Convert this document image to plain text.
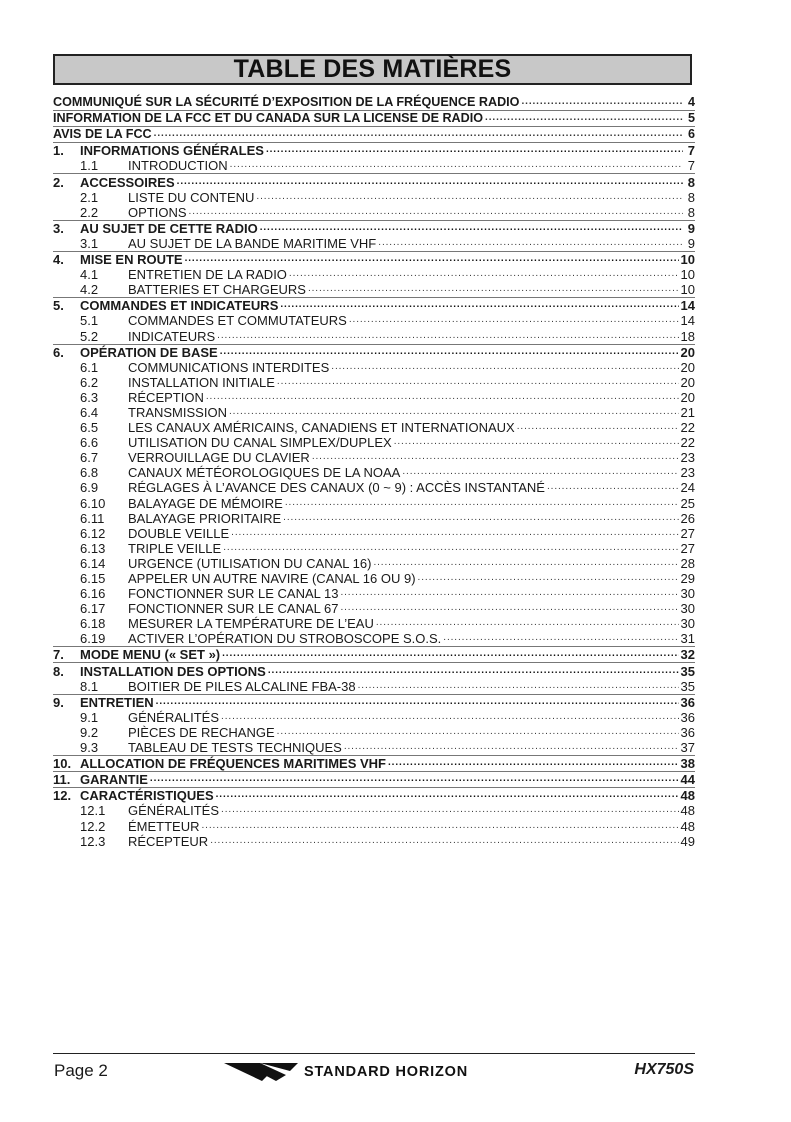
TABLE DES MATIÈRES
COMMUNIQUÉ SUR LA SÉCURITÉ D’EXPOSITION DE LA FRÉQUENCE RADIO .....	4
INFORMATION DE LA FCC ET DU CANADA SUR LA LICENSE DE RADIO .....	5
AVIS DE LA FCC .....	6
1.	INFORMATIONS GÉNÉRALES .....	7
1.1	INTRODUCTION .....	7
2.	ACCESSOIRES .....	8
2.1	LISTE DU CONTENU .....	8
2.2	OPTIONS .....	8
3.	AU SUJET DE CETTE RADIO .....	9
3.1	AU SUJET DE LA BANDE MARITIME VHF .....	9
4.	MISE EN ROUTE .....	10
4.1	ENTRETIEN DE LA RADIO .....	10
4.2	BATTERIES ET CHARGEURS .....	10
5.	COMMANDES ET INDICATEURS .....	14
5.1	COMMANDES ET COMMUTATEURS .....	14
5.2	INDICATEURS .....	18
6.	OPÉRATION DE BASE .....	20
6.1	COMMUNICATIONS INTERDITES .....	20
6.2	INSTALLATION INITIALE .....	20
6.3	RÉCEPTION .....	20
6.4	TRANSMISSION .....	21
6.5	LES CANAUX AMÉRICAINS, CANADIENS ET INTERNATIONAUX .....	22
6.6	UTILISATION DU CANAL SIMPLEX/DUPLEX .....	22
6.7	VERROUILLAGE DU CLAVIER .....	23
6.8	CANAUX MÉTÉOROLOGIQUES DE LA NOAA .....	23
6.9	RÉGLAGES À L’AVANCE DES CANAUX (0 ~ 9) : ACCÈS INSTANTANÉ .....	24
6.10	BALAYAGE DE MÉMOIRE .....	25
6.11	BALAYAGE PRIORITAIRE .....	26
6.12	DOUBLE VEILLE .....	27
6.13	TRIPLE VEILLE .....	27
6.14	URGENCE (UTILISATION DU CANAL 16) .....	28
6.15	APPELER UN AUTRE NAVIRE (CANAL 16 OU 9) .....	29
6.16	FONCTIONNER SUR LE CANAL 13 .....	30
6.17	FONCTIONNER SUR LE CANAL 67 .....	30
6.18	MESURER LA TEMPÉRATURE DE L’EAU .....	30
6.19	ACTIVER L’OPÉRATION DU STROBOSCOPE S.O.S. .....	31
7.	MODE MENU (« SET ») .....	32
8.	INSTALLATION DES OPTIONS .....	35
8.1	BOITIER DE PILES ALCALINE FBA-38 .....	35
9.	ENTRETIEN .....	36
9.1	GÉNÉRALITÉS .....	36
9.2	PIÈCES DE RECHANGE .....	36
9.3	TABLEAU DE TESTS TECHNIQUES .....	37
10. ALLOCATION DE FRÉQUENCES MARITIMES VHF .....	38
11. GARANTIE .....	44
12. CARACTÉRISTIQUES .....	48
12.1	GÉNÉRALITÉS .....	48
12.2	ÉMETTEUR .....	48
12.3	RÉCEPTEUR .....	49
Page 2	STANDARD HORIZON	HX750S
